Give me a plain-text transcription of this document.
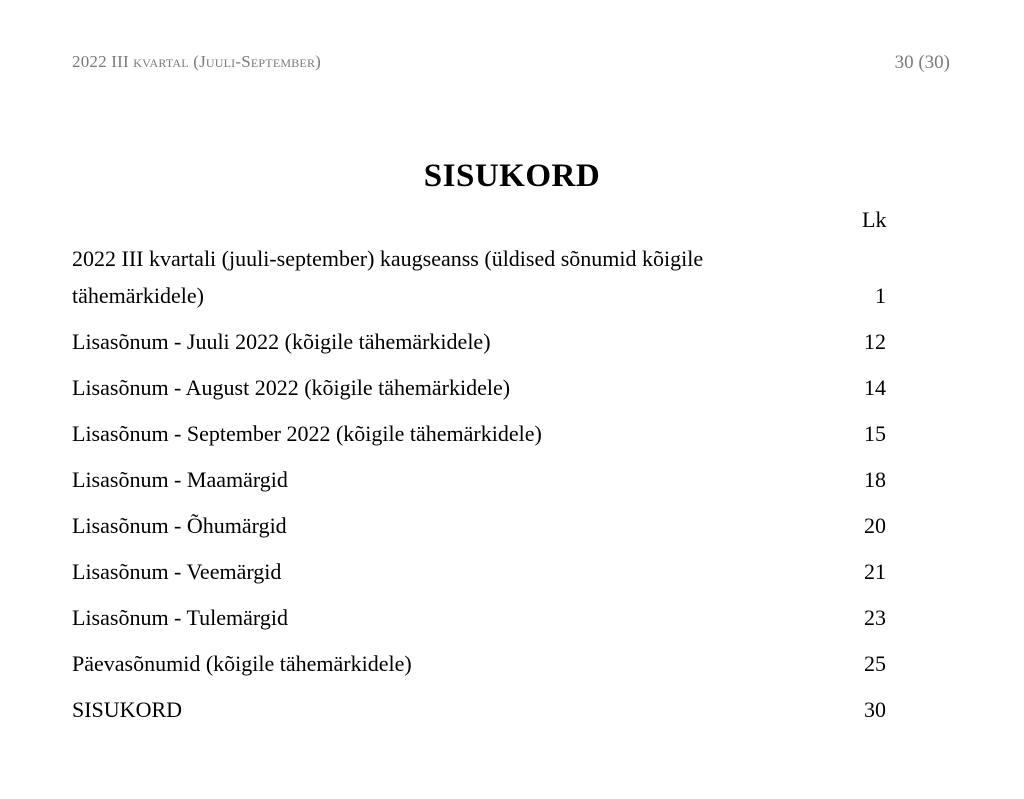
2022 III kvartal (Juuli-September)	30 (30)
SISUKORD
Lk
2022 III kvartali (juuli-september) kaugseanss (üldised sõnumid kõigile tähemärkidele)	1
Lisasõnum - Juuli 2022 (kõigile tähemärkidele)	12
Lisasõnum - August 2022 (kõigile tähemärkidele)	14
Lisasõnum - September 2022 (kõigile tähemärkidele)	15
Lisasõnum - Maamärgid	18
Lisasõnum - Õhumärgid	20
Lisasõnum - Veemärgid	21
Lisasõnum - Tulemärgid	23
Päevasõnumid (kõigile tähemärkidele)	25
SISUKORD	30
